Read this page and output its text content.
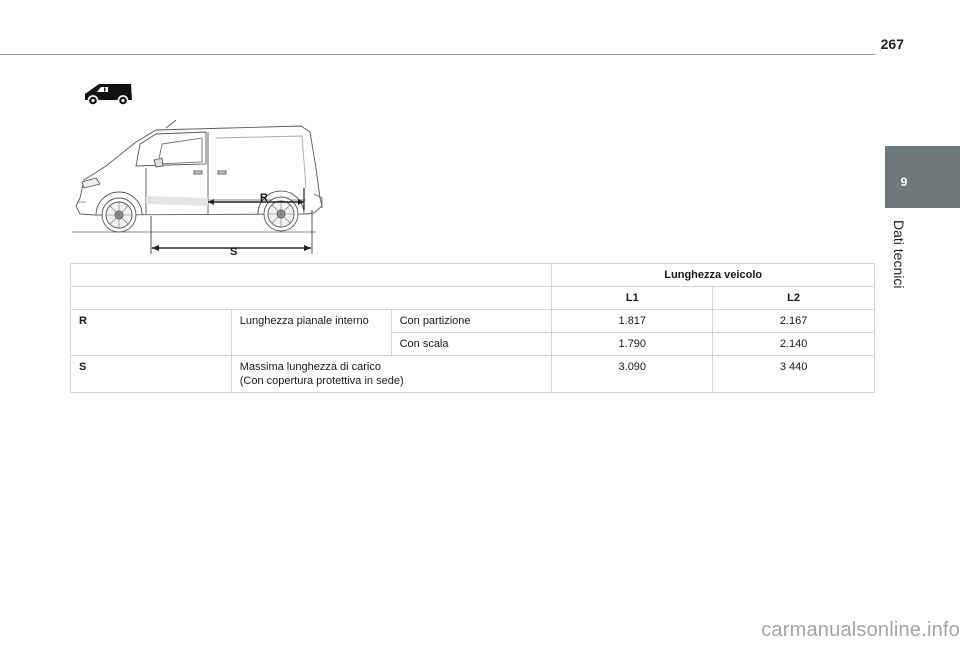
267
9
Dati tecnici
R
S
			Lunghezza veicolo	
			L1	L2
R	Lunghezza pianale interno	Con partizione	1.817	2.167
		Con scala	1.790	2.140
S	Massima lunghezza di carico
(Con copertura protettiva in sede)		3.090	3 440
carmanualsonline.info
